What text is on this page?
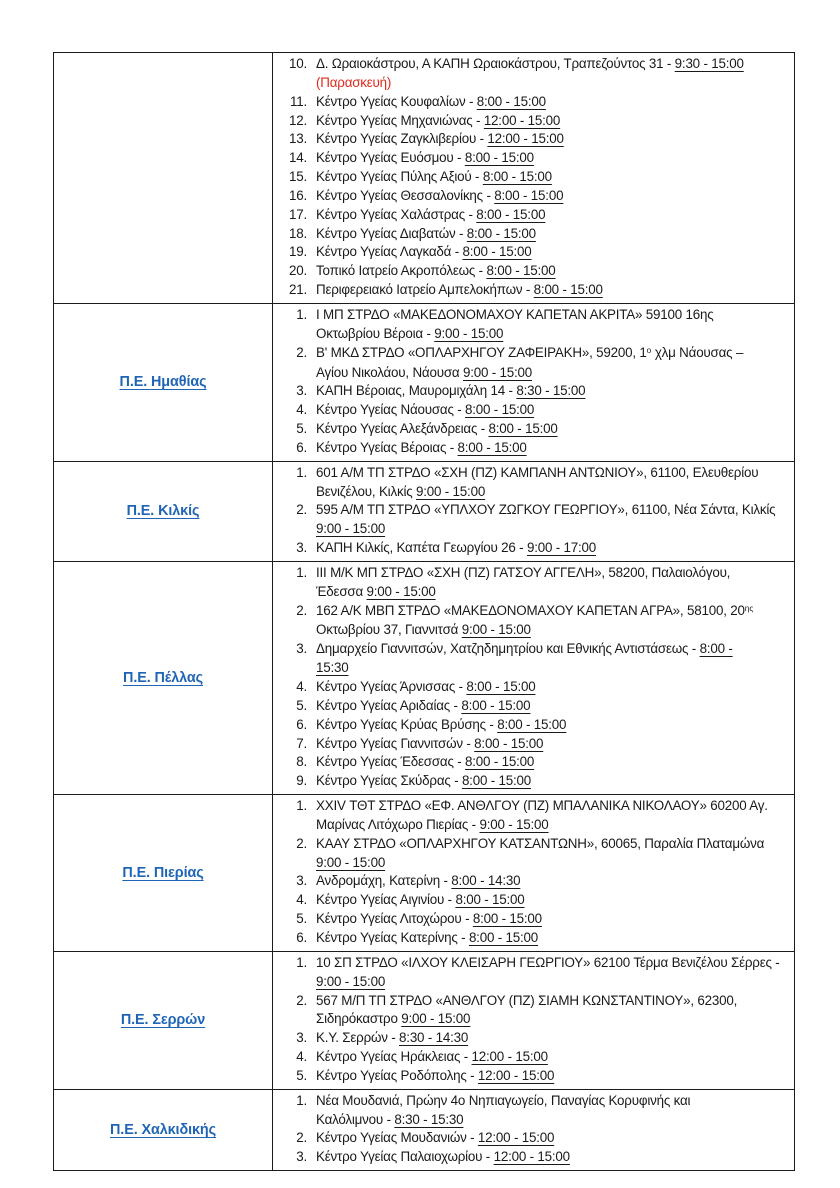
10. Δ. Ωραιοκάστρου, Α ΚΑΠΗ Ωραιοκάστρου, Τραπεζούντος 31 - 9:30 - 15:00
(Παρασκευή)
11. Κέντρο Υγείας Κουφαλίων - 8:00 - 15:00
12. Κέντρο Υγείας Μηχανιώνας - 12:00 - 15:00
13. Κέντρο Υγείας Ζαγκλιβερίου - 12:00 - 15:00
14. Κέντρο Υγείας Ευόσμου - 8:00 - 15:00
15. Κέντρο Υγείας Πύλης Αξιού - 8:00 - 15:00
16. Κέντρο Υγείας Θεσσαλονίκης - 8:00 - 15:00
17. Κέντρο Υγείας Χαλάστρας - 8:00 - 15:00
18. Κέντρο Υγείας Διαβατών - 8:00 - 15:00
19. Κέντρο Υγείας Λαγκαδά - 8:00 - 15:00
20. Τοπικό Ιατρείο Ακροπόλεως - 8:00 - 15:00
21. Περιφερειακό Ιατρείο Αμπελοκήπων - 8:00 - 15:00

Π.Ε. Ημαθίας	
1. Ι ΜΠ ΣΤΡΔΟ «ΜΑΚΕΔΟΝΟΜΑΧΟΥ ΚΑΠΕΤΑΝ ΑΚΡΙΤΑ» 59100 16ης
Οκτωβρίου Βέροια - 9:00 - 15:00
2. Β' ΜΚΔ ΣΤΡΔΟ «ΟΠΛΑΡΧΗΓΟΥ ΖΑΦΕΙΡΑΚΗ», 59200, $1^o$ χλμ Νάουσας –
Αγίου Νικολάου, Νάουσα 9:00 - 15:00
3. ΚΑΠΗ Βέροιας, Μαυρομιχάλη 14 - 8:30 - 15:00
4. Κέντρο Υγείας Νάουσας - 8:00 - 15:00
5. Κέντρο Υγείας Αλεξάνδρειας - 8:00 - 15:00
6. Κέντρο Υγείας Βέροιας - 8:00 - 15:00

Π.Ε. Κιλκίς	
1. 601 Α/Μ ΤΠ ΣΤΡΔΟ «ΣΧΗ (ΠΖ) ΚΑΜΠΑΝΗ ΑΝΤΩΝΙΟΥ», 61100, Ελευθερίου
Βενιζέλου, Κιλκίς 9:00 - 15:00
2. 595 Α/Μ ΤΠ ΣΤΡΔΟ «ΥΠΛΧΟΥ ΖΩΓΚΟΥ ΓΕΩΡΓΙΟΥ», 61100, Νέα Σάντα, Κιλκίς
9:00 - 15:00
3. ΚΑΠΗ Κιλκίς, Καπέτα Γεωργίου 26 - 9:00 - 17:00

Π.Ε. Πέλλας	
1. ΙΙΙ Μ/Κ ΜΠ ΣΤΡΔΟ «ΣΧΗ (ΠΖ) ΓΑΤΣΟΥ ΑΓΓΕΛΗ», 58200, Παλαιολόγου,
Έδεσσα 9:00 - 15:00
2. 162 Α/Κ ΜΒΠ ΣΤΡΔΟ «ΜΑΚΕΔΟΝΟΜΑΧΟΥ ΚΑΠΕΤΑΝ ΑΓΡΑ», 58100, $20^{\eta\varsigma}$
Οκτωβρίου 37, Γιαννιτσά 9:00 - 15:00
3. Δημαρχείο Γιαννιτσών, Χατζηδημητρίου και Εθνικής Αντιστάσεως - 8:00 -
15:30
4. Κέντρο Υγείας Άρνισσας - 8:00 - 15:00
5. Κέντρο Υγείας Αριδαίας - 8:00 - 15:00
6. Κέντρο Υγείας Κρύας Βρύσης - 8:00 - 15:00
7. Κέντρο Υγείας Γιαννιτσών - 8:00 - 15:00
8. Κέντρο Υγείας Έδεσσας - 8:00 - 15:00
9. Κέντρο Υγείας Σκύδρας - 8:00 - 15:00

Π.Ε. Πιερίας	
1. XXIV ΤΘΤ ΣΤΡΔΟ «ΕΦ. ΑΝΘΛΓΟΥ (ΠΖ) ΜΠΑΛΑΝΙΚΑ ΝΙΚΟΛΑΟΥ» 60200 Αγ.
Μαρίνας Λιτόχωρο Πιερίας - 9:00 - 15:00
2. ΚΑΑΥ ΣΤΡΔΟ «ΟΠΛΑΡΧΗΓΟΥ ΚΑΤΣΑΝΤΩΝΗ», 60065, Παραλία Πλαταμώνα
9:00 - 15:00
3. Ανδρομάχη, Κατερίνη - 8:00 - 14:30
4. Κέντρο Υγείας Αιγινίου - 8:00 - 15:00
5. Κέντρο Υγείας Λιτοχώρου - 8:00 - 15:00
6. Κέντρο Υγείας Κατερίνης - 8:00 - 15:00

Π.Ε. Σερρών	
1. 10 ΣΠ ΣΤΡΔΟ «ΙΛΧΟΥ ΚΛΕΙΣΑΡΗ ΓΕΩΡΓΙΟΥ» 62100 Τέρμα Βενιζέλου Σέρρες -
9:00 - 15:00
2. 567 Μ/Π ΤΠ ΣΤΡΔΟ «ΑΝΘΛΓΟΥ (ΠΖ) ΣΙΑΜΗ ΚΩΝΣΤΑΝΤΙΝΟΥ», 62300,
Σιδηρόκαστρο 9:00 - 15:00
3. Κ.Υ. Σερρών - 8:30 - 14:30
4. Κέντρο Υγείας Ηράκλειας - 12:00 - 15:00
5. Κέντρο Υγείας Ροδόπολης - 12:00 - 15:00

Π.Ε. Χαλκιδικής	
1. Νέα Μουδανιά, Πρώην 4ο Νηπιαγωγείο, Παναγίας Κορυφινής και
Καλόλιμνου - 8:30 - 15:30
2. Κέντρο Υγείας Μουδανιών - 12:00 - 15:00
3. Κέντρο Υγείας Παλαιοχωρίου - 12:00 - 15:00
